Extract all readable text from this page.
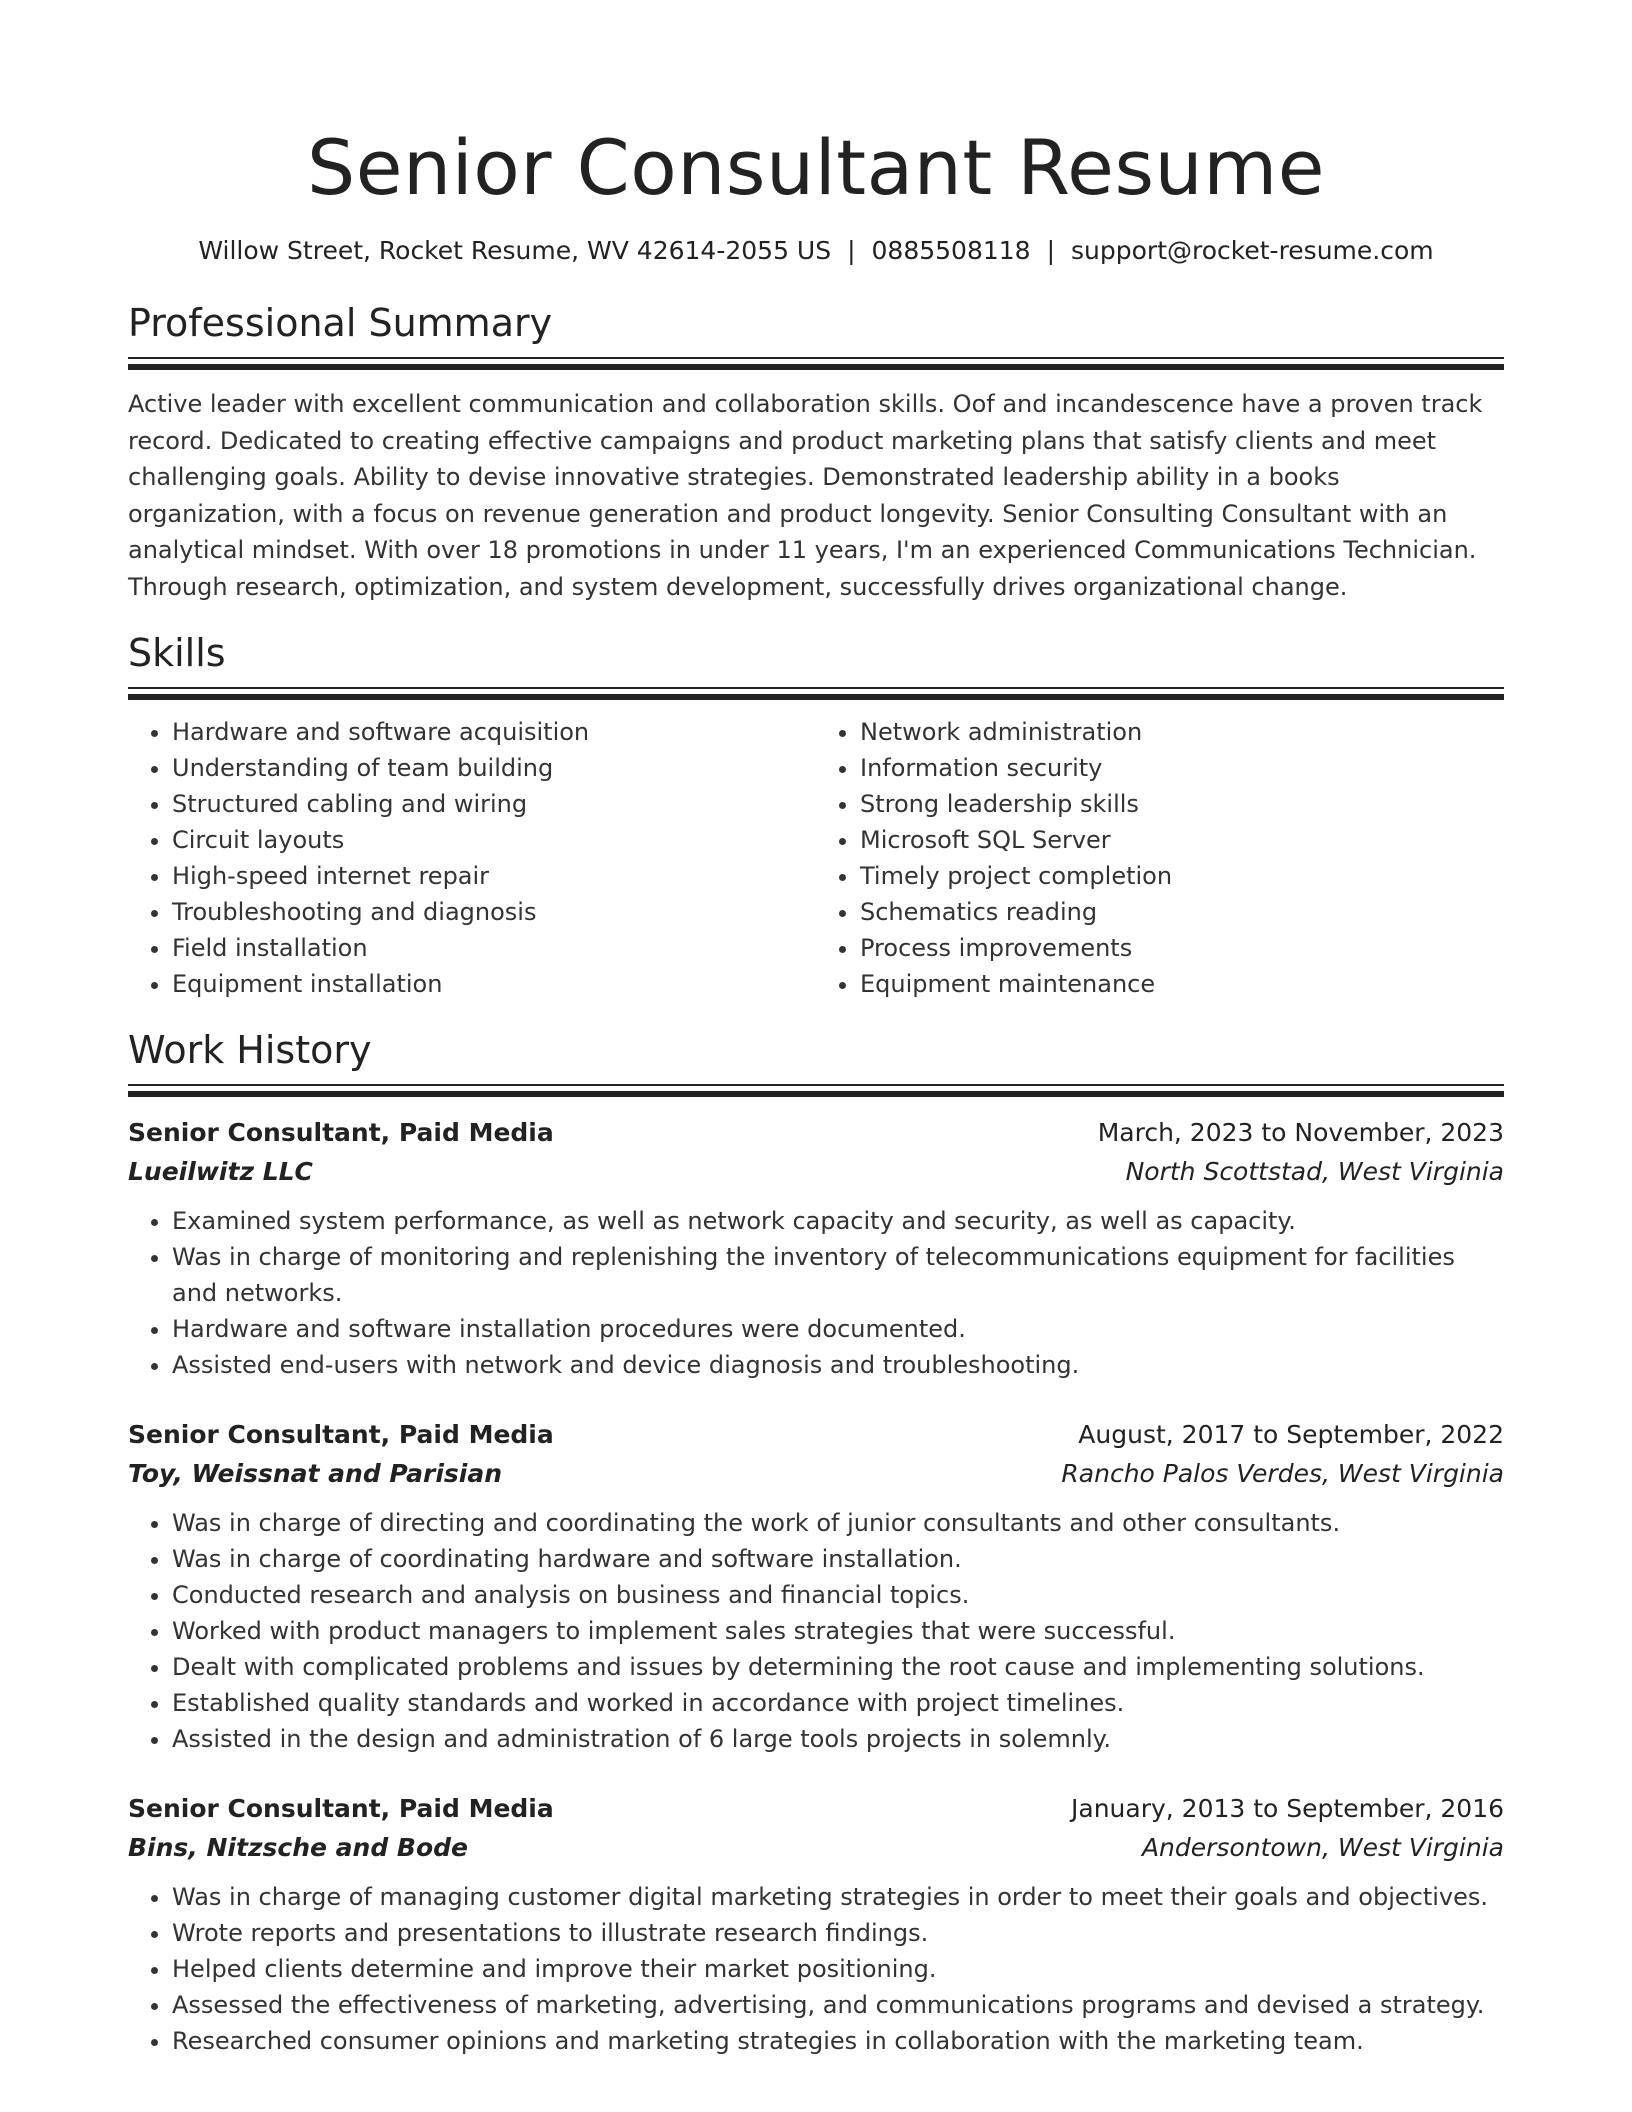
Senior Consultant Resume
Willow Street, Rocket Resume, WV 42614-2055 US | 0885508118 | support@rocket-resume.com
Professional Summary

Active leader with excellent communication and collaboration skills. Oof and incandescence have a proven track record. Dedicated to creating effective campaigns and product marketing plans that satisfy clients and meet challenging goals. Ability to devise innovative strategies. Demonstrated leadership ability in a books organization, with a focus on revenue generation and product longevity. Senior Consulting Consultant with an analytical mindset. With over 18 promotions in under 11 years, I'm an experienced Communications Technician. Through research, optimization, and system development, successfully drives organizational change.

Skills
• Hardware and software acquisition
• Understanding of team building
• Structured cabling and wiring
• Circuit layouts
• High-speed internet repair
• Troubleshooting and diagnosis
• Field installation
• Equipment installation
• Network administration
• Information security
• Strong leadership skills
• Microsoft SQL Server
• Timely project completion
• Schematics reading
• Process improvements
• Equipment maintenance
Work History
Senior Consultant, Paid Media	March, 2023 to November, 2023
Lueilwitz LLC	North Scottstad, West Virginia
• Examined system performance, as well as network capacity and security, as well as capacity.
• Was in charge of monitoring and replenishing the inventory of telecommunications equipment for facilities and networks.
• Hardware and software installation procedures were documented.
• Assisted end-users with network and device diagnosis and troubleshooting.
Senior Consultant, Paid Media	August, 2017 to September, 2022
Toy, Weissnat and Parisian	Rancho Palos Verdes, West Virginia
• Was in charge of directing and coordinating the work of junior consultants and other consultants.
• Was in charge of coordinating hardware and software installation.
• Conducted research and analysis on business and financial topics.
• Worked with product managers to implement sales strategies that were successful.
• Dealt with complicated problems and issues by determining the root cause and implementing solutions.
• Established quality standards and worked in accordance with project timelines.
• Assisted in the design and administration of 6 large tools projects in solemnly.
Senior Consultant, Paid Media	January, 2013 to September, 2016
Bins, Nitzsche and Bode	Andersontown, West Virginia
• Was in charge of managing customer digital marketing strategies in order to meet their goals and objectives.
• Wrote reports and presentations to illustrate research findings.
• Helped clients determine and improve their market positioning.
• Assessed the effectiveness of marketing, advertising, and communications programs and devised a strategy.
• Researched consumer opinions and marketing strategies in collaboration with the marketing team.
